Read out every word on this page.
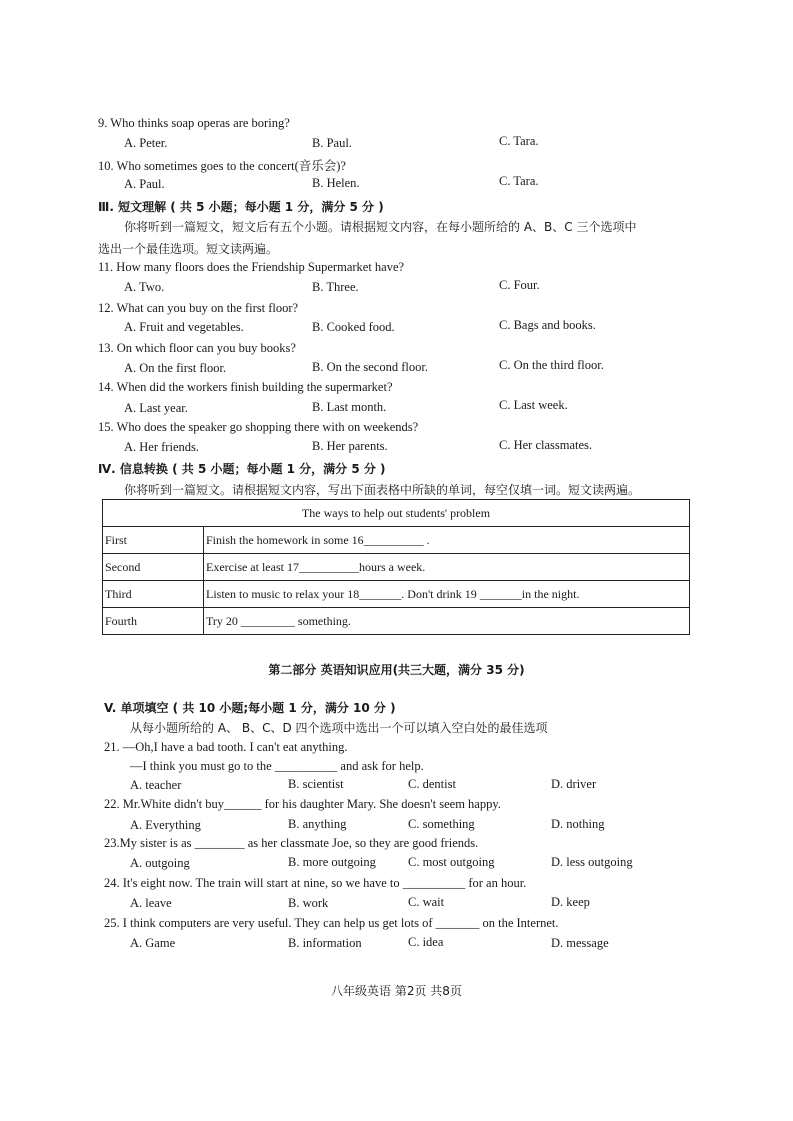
9. Who thinks soap operas are boring?
A. Peter.	B. Paul.	C. Tara.
10. Who sometimes goes to the concert(音乐会)?
A. Paul.	B. Helen.	C. Tara.
Ⅲ. 短文理解 ( 共 5 小题；每小题 1 分，满分 5 分 )
你将听到一篇短文，短文后有五个小题。请根据短文内容，在每小题所给的 A、B、C 三个选项中
选出一个最佳选项。短文读两遍。
11. How many floors does the Friendship Supermarket have?
A. Two.	B. Three.	C. Four.
12. What can you buy on the first floor?
A. Fruit and vegetables.	B. Cooked food.	C. Bags and books.
13. On which floor can you buy books?
A. On the first floor.	B. On the second floor.	C. On the third floor.
14. When did the workers finish building the supermarket?
A. Last year.	B. Last month.	C. Last week.
15. Who does the speaker go shopping there with on weekends?
A. Her friends.	B. Her parents.	C. Her classmates.
Ⅳ. 信息转换 ( 共 5 小题；每小题 1 分，满分 5 分 )
你将听到一篇短文。请根据短文内容，写出下面表格中所缺的单词，每空仅填一词。短文读两遍。
The ways to help out students' problem	
First	Finish the homework in some 16__________ .
Second	Exercise at least 17__________hours a week.
Third	Listen to music to relax your 18_______. Don't drink 19 _______in the night.
Fourth	Try 20 _________ something.
第二部分 英语知识应用(共三大题，满分 35 分)
V. 单项填空 ( 共 10 小题;每小题 1 分，满分 10 分 )
从每小题所给的 A、 B、C、D 四个选项中选出一个可以填入空白处的最佳选项
21. —Oh,I have a bad tooth. I can't eat anything.
—I think you must go to the __________ and ask for help.
A. teacher	B. scientist	C. dentist	D. driver
22. Mr.White didn't buy______ for his daughter Mary. She doesn't seem happy.
A. Everything	B. anything	C. something	D. nothing
23.My sister is as ________ as her classmate Joe, so they are good friends.
A. outgoing	B. more outgoing	C. most outgoing	D. less outgoing
24. It's eight now. The train will start at nine, so we have to __________ for an hour.
A. leave	B. work	C. wait	D. keep
25. I think computers are very useful. They can help us get lots of _______ on the Internet.
A. Game	B. information	C. idea	D. message
八年级英语 第2页 共8页
